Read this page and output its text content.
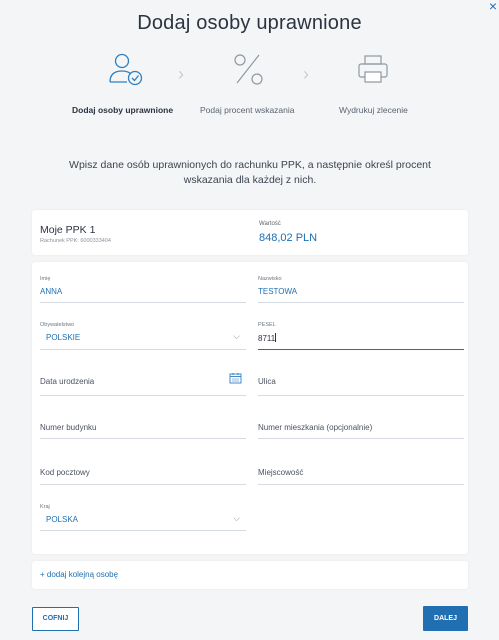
×
Dodaj osoby uprawnione
›	›
Dodaj osoby uprawnione	Podaj procent wskazania	Wydrukuj zlecenie
Wpisz dane osób uprawnionych do rachunku PPK, a następnie określ procent wskazania dla każdej z nich.
Moje PPK 1
Rachunek PPK: 6000333404
Wartość
848,02 PLN
Imię
ANNA
Nazwisko
TESTOWA
Obywatelstwo
POLSKIE	⌵
PESEL
8711
Data urodzenia	Ulica
Numer budynku	Numer mieszkania (opcjonalnie)
Kod pocztowy	Miejscowość
Kraj
POLSKA	⌵
+ dodaj kolejną osobę
COFNIJ	DALEJ
